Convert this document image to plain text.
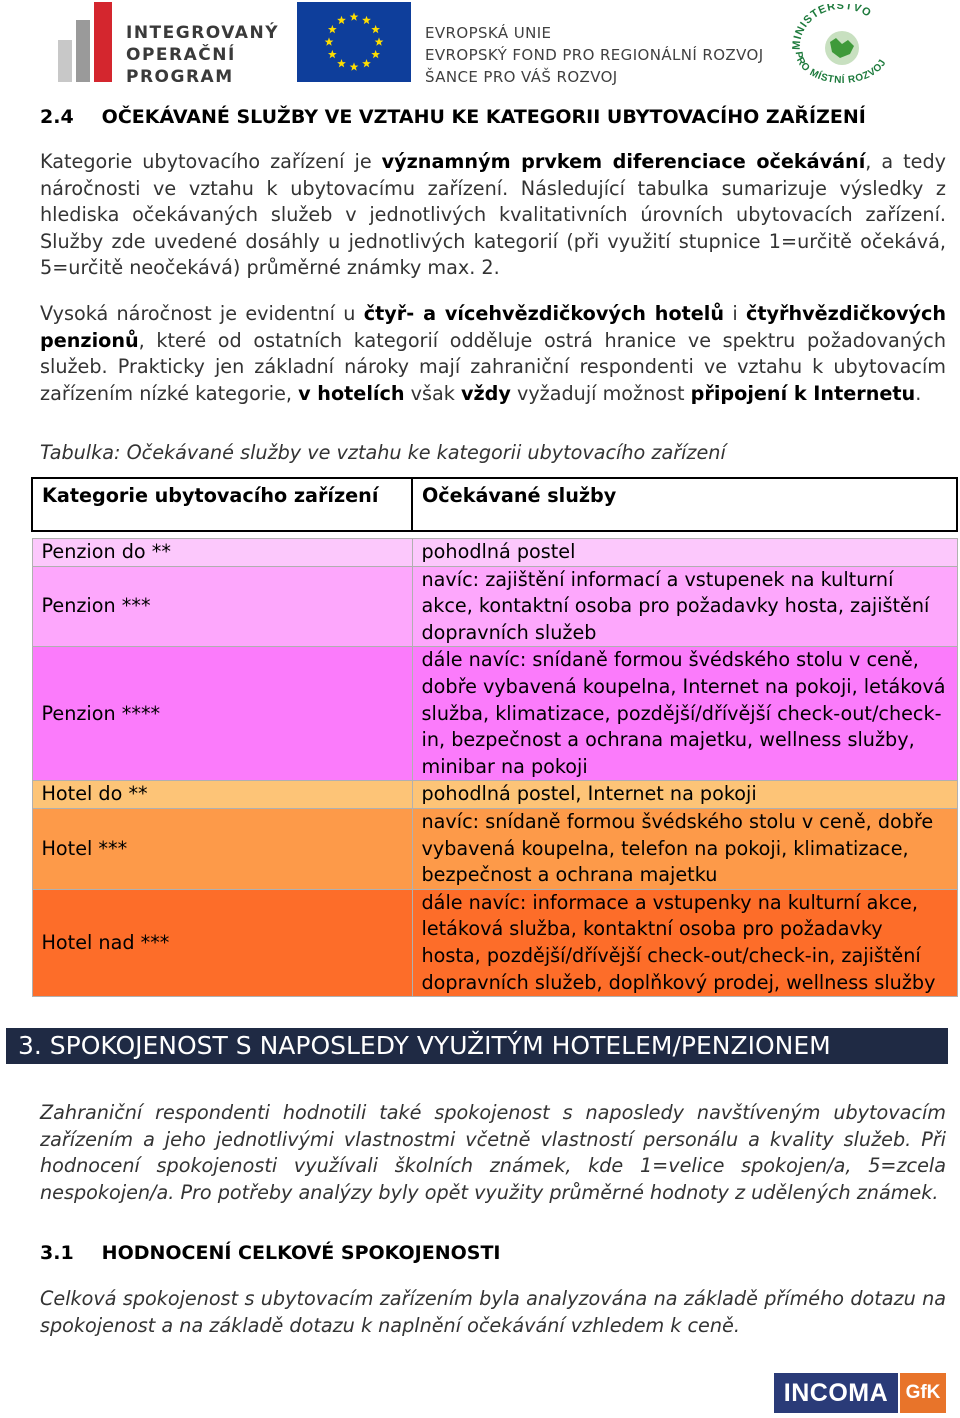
INTEGROVANÝ
OPERAČNÍ
PROGRAM
EVROPSKÁ UNIE
EVROPSKÝ FOND PRO REGIONÁLNÍ ROZVOJ
ŠANCE PRO VÁŠ ROZVOJ
MINISTERSTVO
PRO MÍSTNÍ ROZVOJ
2.4 OČEKÁVANÉ SLUŽBY VE VZTAHU KE KATEGORII UBYTOVACÍHO ZAŘÍZENÍ
Kategorie ubytovacího zařízení je významným prvkem diferenciace očekávání, a tedy náročnosti ve vztahu k ubytovacímu zařízení. Následující tabulka sumarizuje výsledky z hlediska očekávaných služeb v jednotlivých kvalitativních úrovních ubytovacích zařízení. Služby zde uvedené dosáhly u jednotlivých kategorií (při využití stupnice 1=určitě očekává, 5=určitě neočekává) průměrné známky max. 2.
Vysoká náročnost je evidentní u čtyř- a vícehvězdičkových hotelů i čtyřhvězdičkových penzionů, které od ostatních kategorií odděluje ostrá hranice ve spektru požadovaných služeb. Prakticky jen základní nároky mají zahraniční respondenti ve vztahu k ubytovacím zařízením nízké kategorie, v hotelích však vždy vyžadují možnost připojení k Internetu.
Tabulka: Očekávané služby ve vztahu ke kategorii ubytovacího zařízení
Kategorie ubytovacího zařízení	Očekávané služby

Penzion do **	pohodlná postel
Penzion ***	navíc: zajištění informací a vstupenek na kulturní akce, kontaktní osoba pro požadavky hosta, zajištění dopravních služeb
Penzion ****	dále navíc: snídaně formou švédského stolu v ceně, dobře vybavená koupelna, Internet na pokoji, letáková služba, klimatizace, pozdější/dřívější check-out/check-in, bezpečnost a ochrana majetku, wellness služby, minibar na pokoji
Hotel do **	pohodlná postel, Internet na pokoji
Hotel ***	navíc: snídaně formou švédského stolu v ceně, dobře vybavená koupelna, telefon na pokoji, klimatizace, bezpečnost a ochrana majetku
Hotel nad ***	dále navíc: informace a vstupenky na kulturní akce, letáková služba, kontaktní osoba pro požadavky hosta, pozdější/dřívější check-out/check-in, zajištění dopravních služeb, doplňkový prodej, wellness služby
3. SPOKOJENOST S NAPOSLEDY VYUŽITÝM HOTELEM/PENZIONEM
Zahraniční respondenti hodnotili také spokojenost s naposledy navštíveným ubytovacím zařízením a jeho jednotlivými vlastnostmi včetně vlastností personálu a kvality služeb. Při hodnocení spokojenosti využívali školních známek, kde 1=velice spokojen/a, 5=zcela nespokojen/a. Pro potřeby analýzy byly opět využity průměrné hodnoty z udělených známek.
3.1 HODNOCENÍ CELKOVÉ SPOKOJENOSTI
Celková spokojenost s ubytovacím zařízením byla analyzována na základě přímého dotazu na spokojenost a na základě dotazu k naplnění očekávání vzhledem k ceně.
INCOMA GfK
